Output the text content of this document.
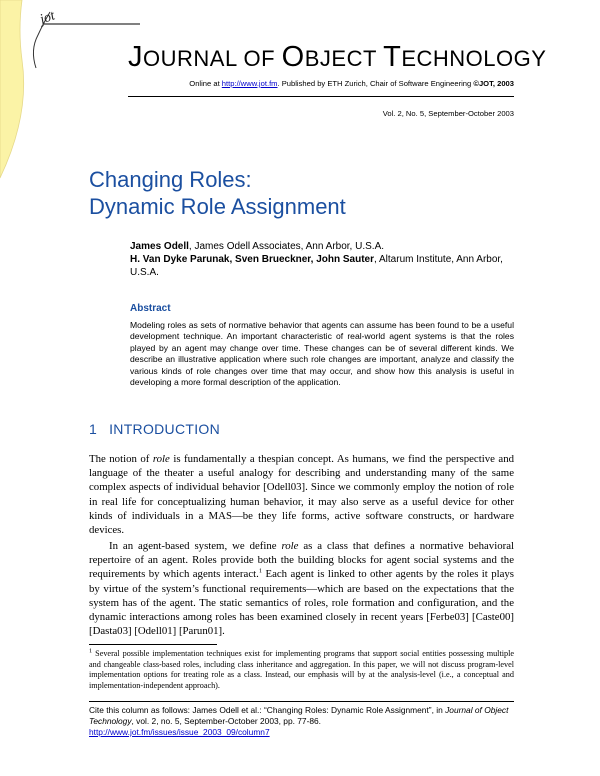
jot
JOURNAL OF OBJECT TECHNOLOGY
Online at http://www.jot.fm. Published by ETH Zurich, Chair of Software Engineering ©JOT, 2003
Vol. 2, No. 5, September-October 2003
Changing Roles:
Dynamic Role Assignment
James Odell, James Odell Associates, Ann Arbor, U.S.A.
H. Van Dyke Parunak, Sven Brueckner, John Sauter, Altarum Institute, Ann Arbor, U.S.A.
Abstract
Modeling roles as sets of normative behavior that agents can assume has been found to be a useful development technique. An important characteristic of real-world agent systems is that the roles played by an agent may change over time. These changes can be of several different kinds. We describe an illustrative application where such role changes are important, analyze and classify the various kinds of role changes over time that may occur, and show how this analysis is useful in developing a more formal description of the application.
1 INTRODUCTION
The notion of role is fundamentally a thespian concept. As humans, we find the perspective and language of the theater a useful analogy for describing and understanding many of the same complex aspects of individual behavior [Odell03]. Since we commonly employ the notion of role in real life for conceptualizing human behavior, it may also serve as a useful device for other kinds of individuals in a MAS—be they life forms, active software constructs, or hardware devices.
In an agent-based system, we define role as a class that defines a normative behavioral repertoire of an agent. Roles provide both the building blocks for agent social systems and the requirements by which agents interact.$^1$ Each agent is linked to other agents by the roles it plays by virtue of the system’s functional requirements—which are based on the expectations that the system has of the agent. The static semantics of roles, role formation and configuration, and the dynamic interactions among roles has been examined closely in recent years [Ferbe03] [Caste00] [Dasta03] [Odell01] [Parun01].
$^1$ Several possible implementation techniques exist for implementing programs that support social entities possessing multiple and changeable class-based roles, including class inheritance and aggregation. In this paper, we will not discuss program-level implementation options for treating role as a class. Instead, our emphasis will by at the analysis-level (i.e., a conceptual and implementation-independent approach).
Cite this column as follows: James Odell et al.: “Changing Roles: Dynamic Role Assignment”, in Journal of Object Technology, vol. 2, no. 5, September-October 2003, pp. 77-86.
http://www.jot.fm/issues/issue_2003_09/column7
